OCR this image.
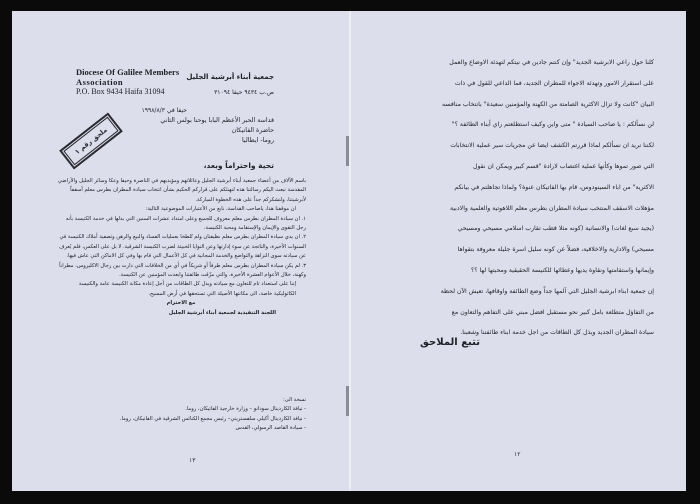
Diocese Of Galilee Members
Association
P.O. Box 9434 Haifa 31094
جمعية أبناء أبرشية الجليل
ص.ب ٩٤٣٤ حيفا ٣١٠٩٤
حيفا في ١٩٩٨/٨/٣
ملحق رقم ١
قداسة الحبر الأعظم البابا يوحنا بولس الثاني
حاضرة الفاتيكان
روما- ايطاليا
تحية واحتراماً وبعد،

باسم الآلاف من أعضاء جمعية أبناء أبرشية الجليل وعائلاتهم ومؤيديهم في الناصرة وحيفا وعكا وسائر الجليل والأراضي المقدسة نبعث اليكم رسالتنا هذه لنهنئكم على قراركم الحكيم بشأن انتخاب سيادة المطران بطرس معلم أسقفاً لأبرشيتنا، ولنشكركم جداً على هذه الخطوة المباركة.

ان موقفنا هذا، ياصاحب القداسة، نابع من الأعتبارات الموضوعية التالية:

١. ان سيادة المطران بطرس معلم معروف للجميع وعلى امتداد عشرات السنين التي بذلها في خدمة الكنيسة بأنه رجل التقوى والإيمان والإستقامة ومحبة الكنيسة.

٢. ان يدي سيادة المطران بطرس معلم نظيفتان ولم تُلطخا بعمليات الفساد والبيع والرهن وتصفية أملاك الكنيسة في السنوات الأخيرة، والناتجة عن سوء إدارتها وعن النوايا الخبيثة لضرب الكنيسة الشرقية. لا بل على العكس، فلم يُعرف عن سيادته سوى النزاهة والتواضع والخدمة المجانية في كل الأعمال التي قام بها وفي كل الاماكن التي عاش فيها.

٣. لم يكن سيادة المطران بطرس معلم طرفاً أو شريكاً في أي من الخلافات التي دارت بين رجال الاكليروس، مطراناً وكهنة، خلال الأعوام العشرة الأخيرة، والتي مزّقت طائفتنا وابعدت المؤمنين عن الكنيسة.

إننا على استعداد تام للتعاون مع سيادته وبذل كل الطاقات من أجل إعادة مكانة الكنيسة عامة والكنيسة الكاثوليكية خاصة، الى مكانتها الأصيلة التي تستحقها في أرض المسيح.

مع الاحترام

اللجنة التنفيذية لجمعية أبناء أبرشية الجليل

نسخة الى:
- نيافة الكاردينال سودانو – وزارة خارجية الفاتيكان، روما.
- نيافة الكاردينال أكيلي سلفستريني– رئيس مجمع الكنائس الشرقية في الفاتيكان، روما.
- سيادة القاصد الرسولي، القدس
١٣

كلنا حول راعي الابرشية الجديد" وإن كنتم جادين في نيتكم لتهدئة الاوضاع والعمل

على استقرار الامور وتهدئة الاجواء للمطران الجديد، فما الداعي للقول في ذات

البيان "كانت ولا تزال الاكثرية الصامتة من الكهنة والمؤمنين سعيدة" بانتخاب منافسه

لن نسألكم : يا صاحب السيادة " متى واين وكيف استطلعتم راي أبناء الطائفة ؟"

لكننا نريد ان نسألكم لماذا قررتم الكشف ايضا عن مجريات سير عملية الانتخابات

التي صور تموها وكأنها عملية اغتصاب لارادة "قسم كبير ويمكن ان نقول

الاكثرية" من اباء السينودوس، قام بها الفاتيكان عنوة؟ ولماذا تجاهلتم في بيانكم

مؤهلات الاسقف المنتخب سيادة المطران بطرس معلم اللاهوتية والعلمية والادبية

(يجيد سبع لغات) والانسانية (كونه مثلا قطب تقارب اسلامي مسيحي ومسيحي

مسيحي) والادارية والاخلاقية، فضلاً عن كونه سليل اسرة جليلة معروفة بتقواها

وإيمانها واستقامتها ونقاوة يديها وعطائها للكنيسة الحقيقية ومحبتها لها ؟؟

إن جمعية ابناء ابرشية الجليل التي آلمها جداً وضع الطائفة واوقافها، تعيش الآن لحظة

من التفاؤل متطلعة بامل كبير نحو مستقبل افضل مبني على التفاهم والتعاون مع

سيادة المطران الجديد وبذل كل الطاقات من اجل خدمة ابناء طائفتنا وشعبنا.

تتبع الملاحق
١٢
